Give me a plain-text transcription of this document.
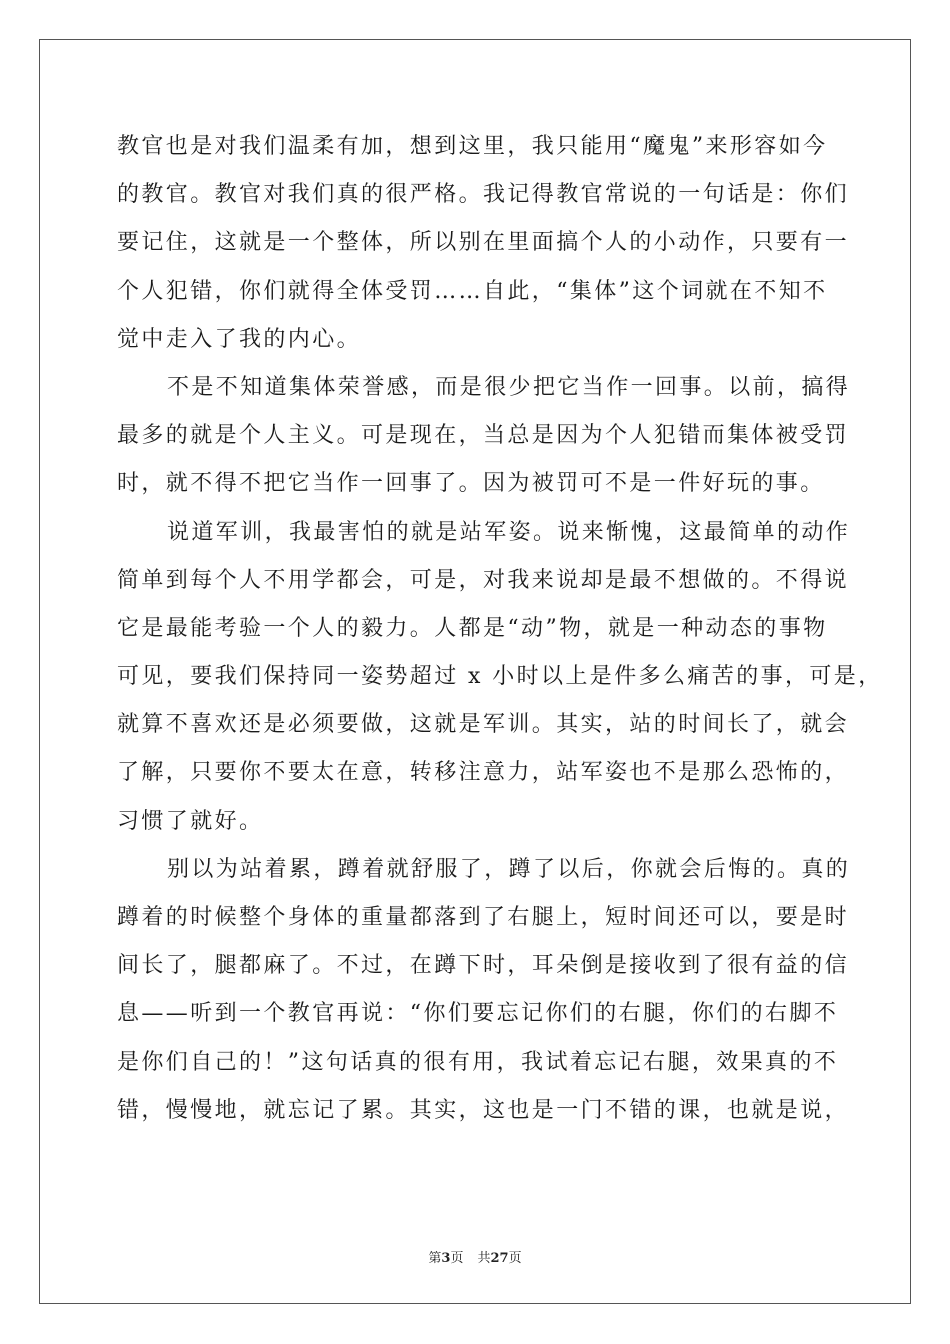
教官也是对我们温柔有加，想到这里，我只能用“魔鬼”来形容如今
的教官。教官对我们真的很严格。我记得教官常说的一句话是：你们
要记住，这就是一个整体，所以别在里面搞个人的小动作，只要有一
个人犯错，你们就得全体受罚……自此，“集体”这个词就在不知不
觉中走入了我的内心。
不是不知道集体荣誉感，而是很少把它当作一回事。以前，搞得
最多的就是个人主义。可是现在，当总是因为个人犯错而集体被受罚
时，就不得不把它当作一回事了。因为被罚可不是一件好玩的事。
说道军训，我最害怕的就是站军姿。说来惭愧，这最简单的动作
简单到每个人不用学都会，可是，对我来说却是最不想做的。不得说
它是最能考验一个人的毅力。人都是“动”物，就是一种动态的事物
可见，要我们保持同一姿势超过 x 小时以上是件多么痛苦的事，可是，
就算不喜欢还是必须要做，这就是军训。其实，站的时间长了，就会
了解，只要你不要太在意，转移注意力，站军姿也不是那么恐怖的，
习惯了就好。
别以为站着累，蹲着就舒服了，蹲了以后，你就会后悔的。真的
蹲着的时候整个身体的重量都落到了右腿上，短时间还可以，要是时
间长了，腿都麻了。不过，在蹲下时，耳朵倒是接收到了很有益的信
息——听到一个教官再说：“你们要忘记你们的右腿，你们的右脚不
是你们自己的！”这句话真的很有用，我试着忘记右腿，效果真的不
错，慢慢地，就忘记了累。其实，这也是一门不错的课，也就是说，
第3页 共27页
